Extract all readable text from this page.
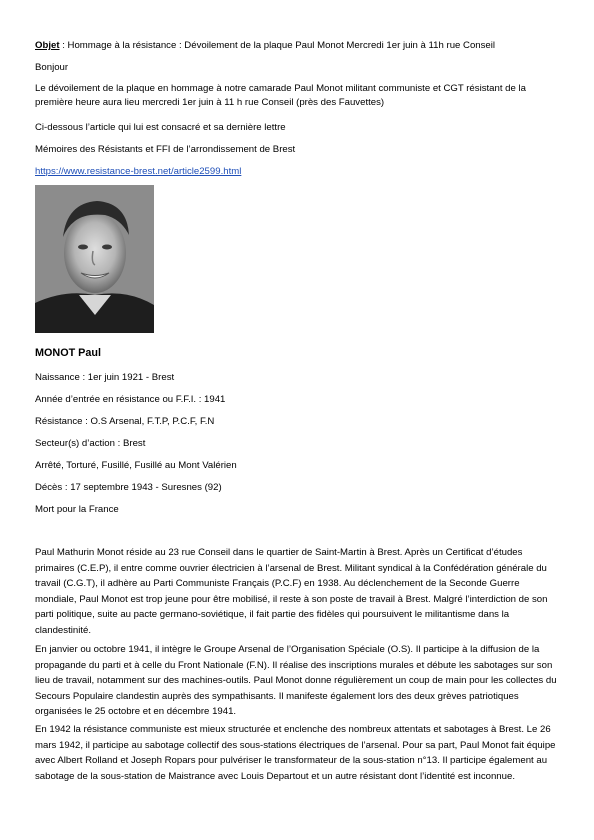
Objet : Hommage à la résistance : Dévoilement de la plaque Paul Monot Mercredi 1er juin à 11h rue Conseil
Bonjour
Le dévoilement de la plaque en hommage à notre camarade Paul Monot militant communiste et CGT résistant de la première heure aura lieu mercredi 1er juin à 11 h rue Conseil (près des Fauvettes)
Ci-dessous l’article qui lui est consacré et sa dernière lettre
Mémoires des Résistants et FFI de l’arrondissement de Brest
https://www.resistance-brest.net/article2599.html
MONOT Paul
Naissance : 1er juin 1921 - Brest
Année d’entrée en résistance ou F.F.I. : 1941
Résistance : O.S Arsenal, F.T.P, P.C.F, F.N
Secteur(s) d’action : Brest
Arrêté, Torturé, Fusillé, Fusillé au Mont Valérien
Décès : 17 septembre 1943 - Suresnes (92)
Mort pour la France
Paul Mathurin Monot réside au 23 rue Conseil dans le quartier de Saint-Martin à Brest. Après un Certificat d’études primaires (C.E.P), il entre comme ouvrier électricien à l’arsenal de Brest. Militant syndical à la Confédération générale du travail (C.G.T), il adhère au Parti Communiste Français (P.C.F) en 1938. Au déclenchement de la Seconde Guerre mondiale, Paul Monot est trop jeune pour être mobilisé, il reste à son poste de travail à Brest. Malgré l’interdiction de son parti politique, suite au pacte germano-soviétique, il fait partie des fidèles qui poursuivent le militantisme dans la clandestinité.
En janvier ou octobre 1941, il intègre le Groupe Arsenal de l’Organisation Spéciale (O.S). Il participe à la diffusion de la propagande du parti et à celle du Front Nationale (F.N). Il réalise des inscriptions murales et débute les sabotages sur son lieu de travail, notamment sur des machines-outils. Paul Monot donne régulièrement un coup de main pour les collectes du Secours Populaire clandestin auprès des sympathisants. Il manifeste également lors des deux grèves patriotiques organisées le 25 octobre et en décembre 1941.
En 1942 la résistance communiste est mieux structurée et enclenche des nombreux attentats et sabotages à Brest. Le 26 mars 1942, il participe au sabotage collectif des sous-stations électriques de l’arsenal. Pour sa part, Paul Monot fait équipe avec Albert Rolland et Joseph Ropars pour pulvériser le transformateur de la sous-station n°13. Il participe également au sabotage de la sous-station de Maistrance avec Louis Departout et un autre résistant dont l’identité est inconnue.
